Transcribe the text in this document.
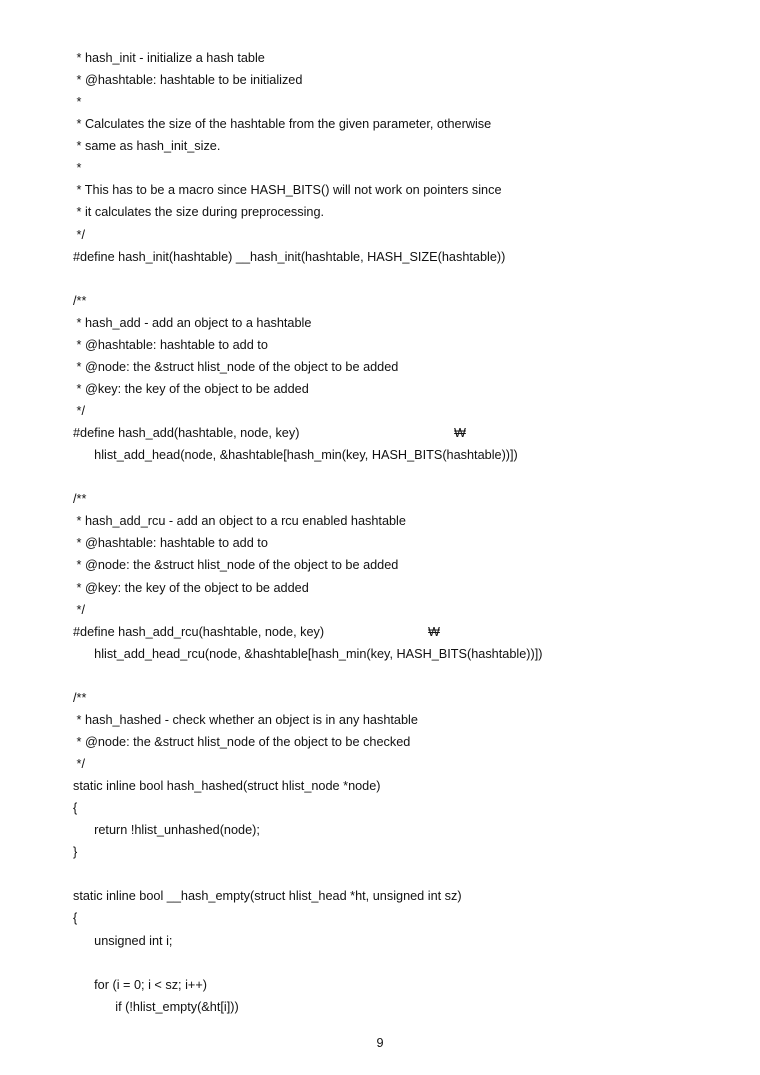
* hash_init - initialize a hash table
* @hashtable: hashtable to be initialized
*
* Calculates the size of the hashtable from the given parameter, otherwise
* same as hash_init_size.
*
* This has to be a macro since HASH_BITS() will not work on pointers since
* it calculates the size during preprocessing.
*/
#define hash_init(hashtable) __hash_init(hashtable, HASH_SIZE(hashtable))
/**
* hash_add - add an object to a hashtable
* @hashtable: hashtable to add to
* @node: the &struct hlist_node of the object to be added
* @key: the key of the object to be added
*/
#define hash_add(hashtable, node, key)	₩
hlist_add_head(node, &hashtable[hash_min(key, HASH_BITS(hashtable))])
/**
* hash_add_rcu - add an object to a rcu enabled hashtable
* @hashtable: hashtable to add to
* @node: the &struct hlist_node of the object to be added
* @key: the key of the object to be added
*/
#define hash_add_rcu(hashtable, node, key)	₩
hlist_add_head_rcu(node, &hashtable[hash_min(key, HASH_BITS(hashtable))])
/**
* hash_hashed - check whether an object is in any hashtable
* @node: the &struct hlist_node of the object to be checked
*/
static inline bool hash_hashed(struct hlist_node *node)
{
return !hlist_unhashed(node);
}
static inline bool __hash_empty(struct hlist_head *ht, unsigned int sz)
{
unsigned int i;
for (i = 0; i < sz; i++)
if (!hlist_empty(&ht[i]))
9
